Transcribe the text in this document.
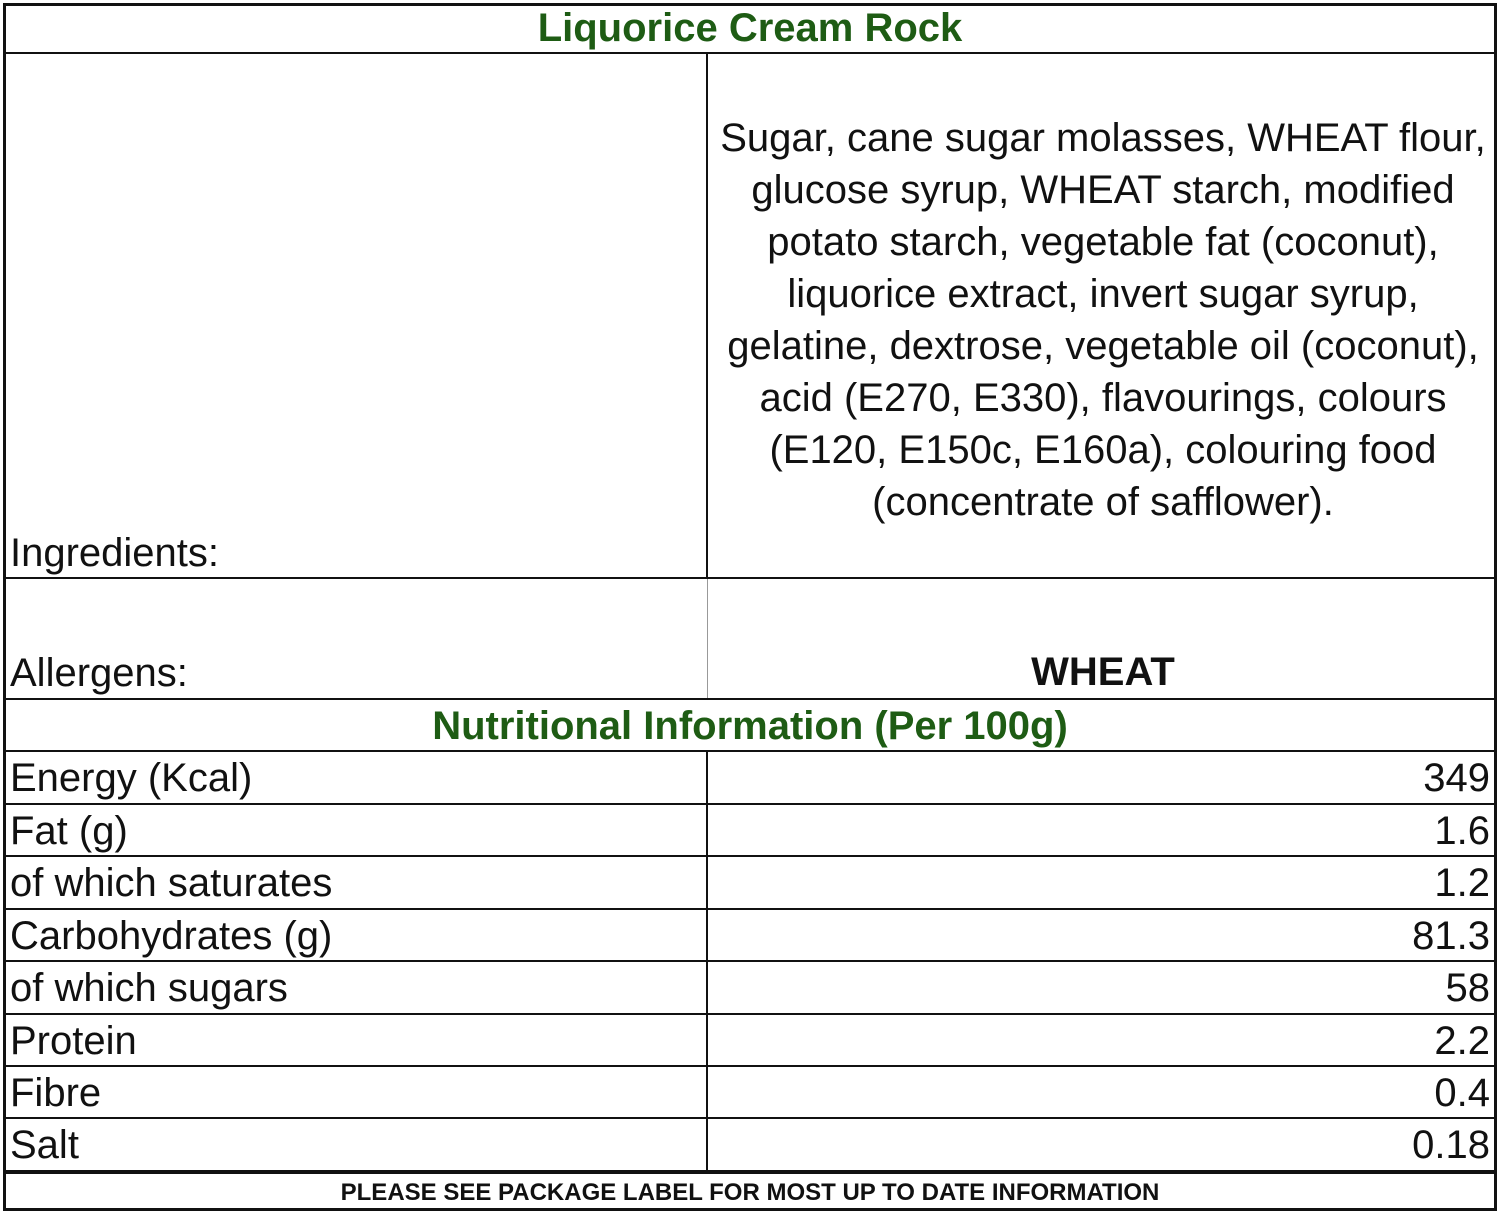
Liquorice Cream Rock
Ingredients:
Sugar, cane sugar molasses, WHEAT flour, glucose syrup, WHEAT starch, modified potato starch, vegetable fat (coconut), liquorice extract, invert sugar syrup, gelatine, dextrose, vegetable oil (coconut), acid (E270, E330), flavourings, colours (E120, E150c, E160a), colouring food (concentrate of safflower).
Allergens:	WHEAT
Nutritional Information (Per 100g)
Energy (Kcal)	349
Fat (g)	1.6
of which saturates	1.2
Carbohydrates (g)	81.3
of which sugars	58
Protein	2.2
Fibre	0.4
Salt	0.18
PLEASE SEE PACKAGE LABEL FOR MOST UP TO DATE INFORMATION
